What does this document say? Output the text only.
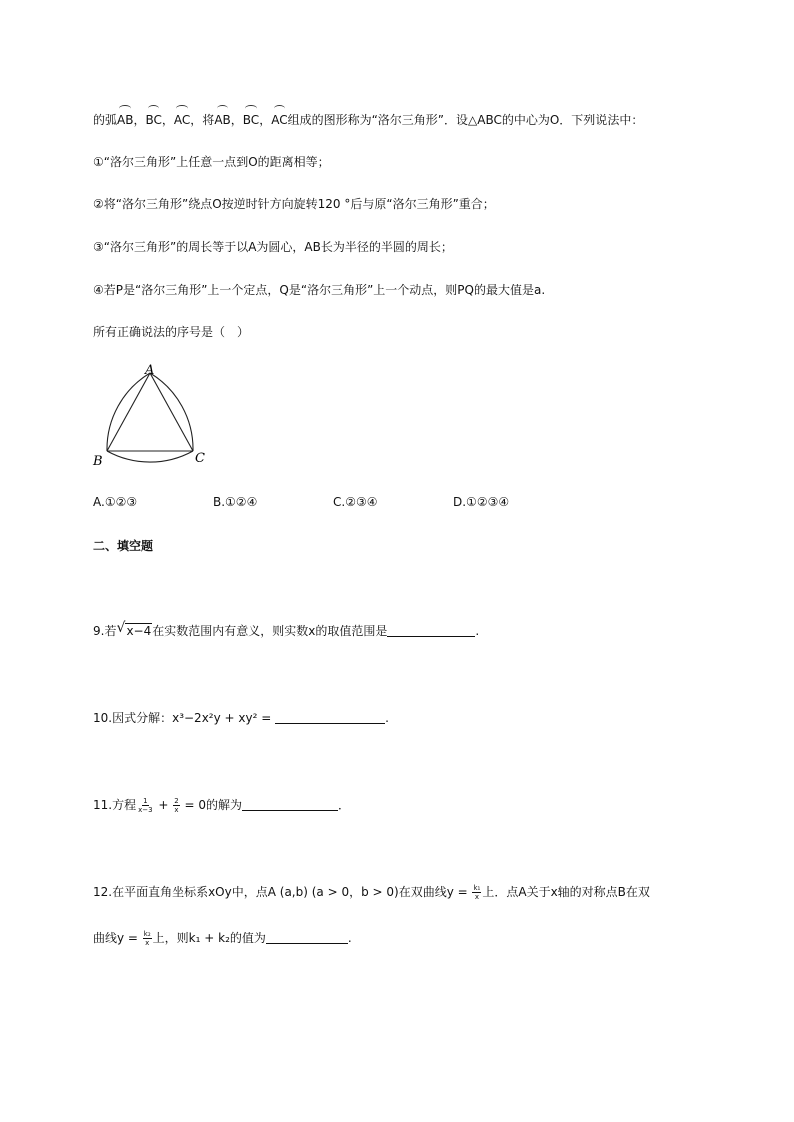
的弧AB，BC，AC，将AB，BC，AC组成的图形称为“洛尔三角形”．设△ABC的中心为O．下列说法中：
①“洛尔三角形”上任意一点到O的距离相等；
②将“洛尔三角形”绕点O按逆时针方向旋转120 °后与原“洛尔三角形”重合；
③“洛尔三角形”的周长等于以A为圆心，AB长为半径的半圆的周长；
④若P是“洛尔三角形”上一个定点，Q是“洛尔三角形”上一个动点，则PQ的最大值是a.
所有正确说法的序号是（　）
A
B	C
A.①②③	B.①②④	C.②③④	D.①②③④
二、填空题
9.若 √ x−4在实数范围内有意义，则实数x的取值范围是	.
10.因式分解：x³−2x²y + xy² =	.
11.方程 $\frac{1}{x-3} + \frac{2}{x} = 0$的解为	．
12.在平面直角坐标系xOy中，点A (a,b) (a > 0，b > 0)在双曲线$y = \frac{\text{k₁}}{x}$ 上．点A关于x轴的对称点B在双
曲线$y = \frac{\text{k₂}}{x}$ 上，则k₁ + k₂的值为	.
